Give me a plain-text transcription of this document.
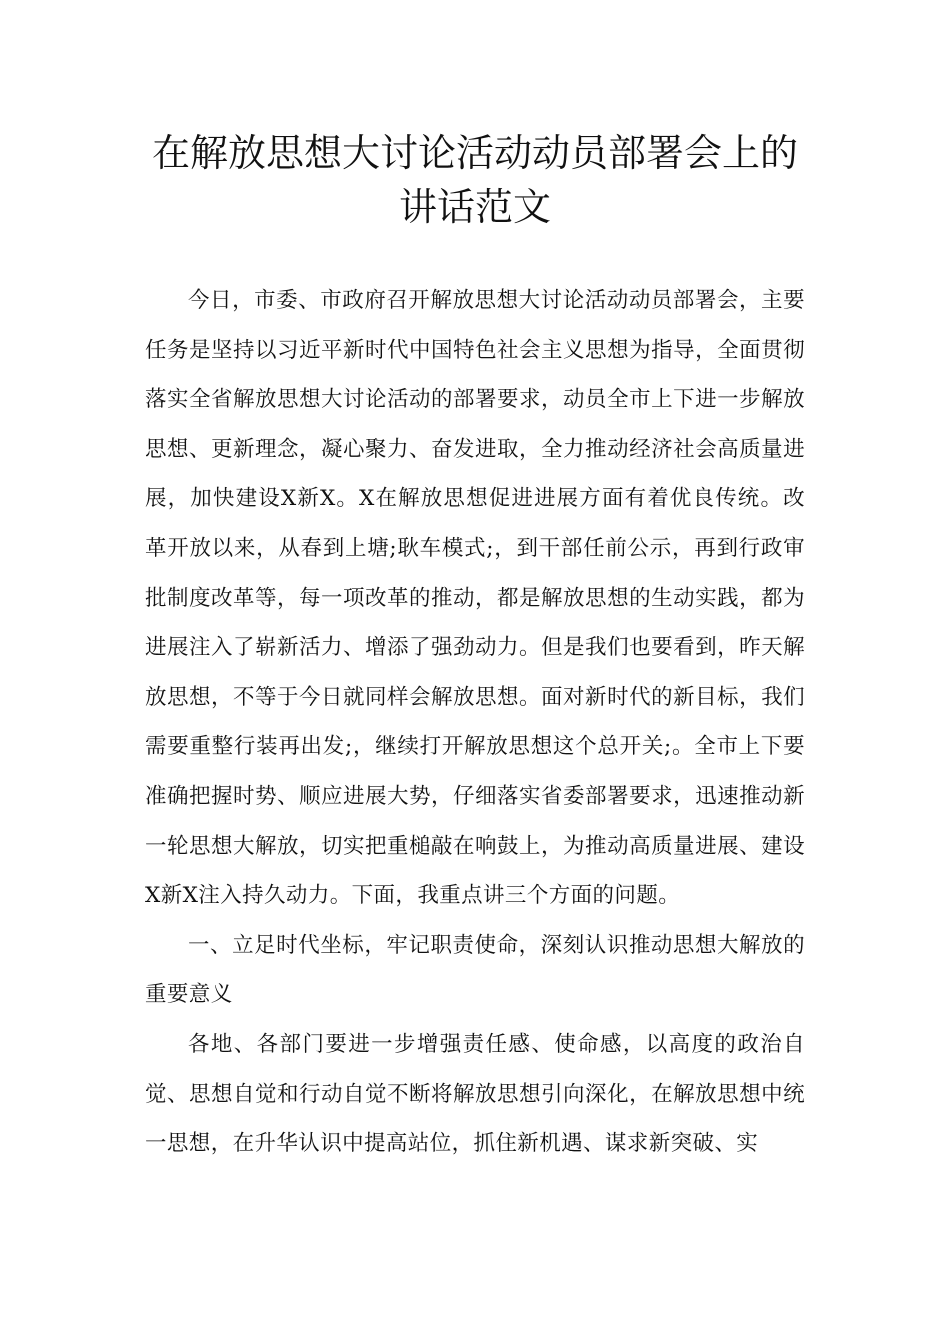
在解放思想大讨论活动动员部署会上的
讲话范文

今日，市委、市政府召开解放思想大讨论活动动员部署会，主要任务是坚持以习近平新时代中国特色社会主义思想为指导，全面贯彻落实全省解放思想大讨论活动的部署要求，动员全市上下进一步解放思想、更新理念，凝心聚力、奋发进取，全力推动经济社会高质量进展，加快建设X新X。X在解放思想促进进展方面有着优良传统。改革开放以来，从春到上塘;耿车模式;，到干部任前公示，再到行政审批制度改革等，每一项改革的推动，都是解放思想的生动实践，都为进展注入了崭新活力、增添了强劲动力。但是我们也要看到，昨天解放思想，不等于今日就同样会解放思想。面对新时代的新目标，我们需要重整行装再出发;，继续打开解放思想这个总开关;。全市上下要准确把握时势、顺应进展大势，仔细落实省委部署要求，迅速推动新一轮思想大解放，切实把重槌敲在响鼓上，为推动高质量进展、建设X新X注入持久动力。下面，我重点讲三个方面的问题。

一、立足时代坐标，牢记职责使命，深刻认识推动思想大解放的重要意义

各地、各部门要进一步增强责任感、使命感，以高度的政治自觉、思想自觉和行动自觉不断将解放思想引向深化，在解放思想中统一思想，在升华认识中提高站位，抓住新机遇、谋求新突破、实
